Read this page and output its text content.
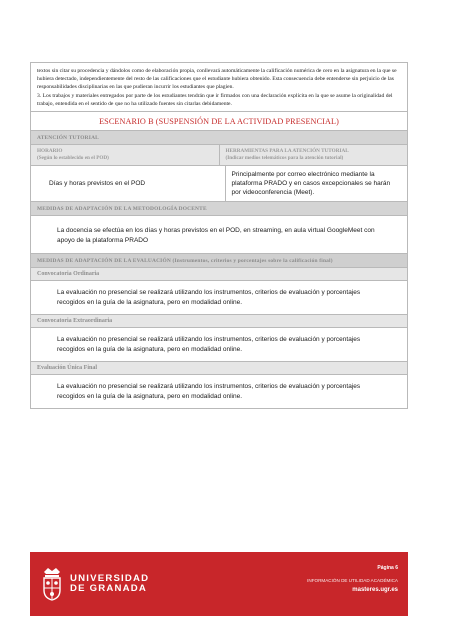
textos sin citar su procedencia y dándolos como de elaboración propia, conllevará automáticamente la calificación numérica de cero en la asignatura en la que se hubiera detectado, independientemente del resto de las calificaciones que el estudiante hubiera obtenido. Esta consecuencia debe entenderse sin perjuicio de las responsabilidades disciplinarias en las que pudieran incurrir los estudiantes que plagien.

3. Los trabajos y materiales entregados por parte de los estudiantes tendrán que ir firmados con una declaración explícita en la que se asume la originalidad del trabajo, entendida en el sentido de que no ha utilizado fuentes sin citarlas debidamente.

ESCENARIO B (SUSPENSIÓN DE LA ACTIVIDAD PRESENCIAL)
ATENCIÓN TUTORIAL
HORARIO
(Según lo establecido en el POD)
HERRAMIENTAS PARA LA ATENCIÓN TUTORIAL
(Indicar medios telemáticos para la atención tutorial)
Días y horas previstos en el POD
Principalmente por correo electrónico mediante la plataforma PRADO y en casos excepcionales se harán por videoconferencia (Meet).
MEDIDAS DE ADAPTACIÓN DE LA METODOLOGÍA DOCENTE
La docencia se efectúa en los días y horas previstos en el POD, en streaming, en aula virtual GoogleMeet con apoyo de la plataforma PRADO
MEDIDAS DE ADAPTACIÓN DE LA EVALUACIÓN (Instrumentos, criterios y porcentajes sobre la calificación final)
Convocatoria Ordinaria
La evaluación no presencial se realizará utilizando los instrumentos, criterios de evaluación y porcentajes recogidos en la guía de la asignatura, pero en modalidad online.
Convocatoria Extraordinaria
La evaluación no presencial se realizará utilizando los instrumentos, criterios de evaluación y porcentajes recogidos en la guía de la asignatura, pero en modalidad online.
Evaluación Única Final
La evaluación no presencial se realizará utilizando los instrumentos, criterios de evaluación y porcentajes recogidos en la guía de la asignatura, pero en modalidad online.
UNIVERSIDAD
DE GRANADA
Página 6
INFORMACIÓN DE UTILIDAD ACADÉMICA
masteres.ugr.es
